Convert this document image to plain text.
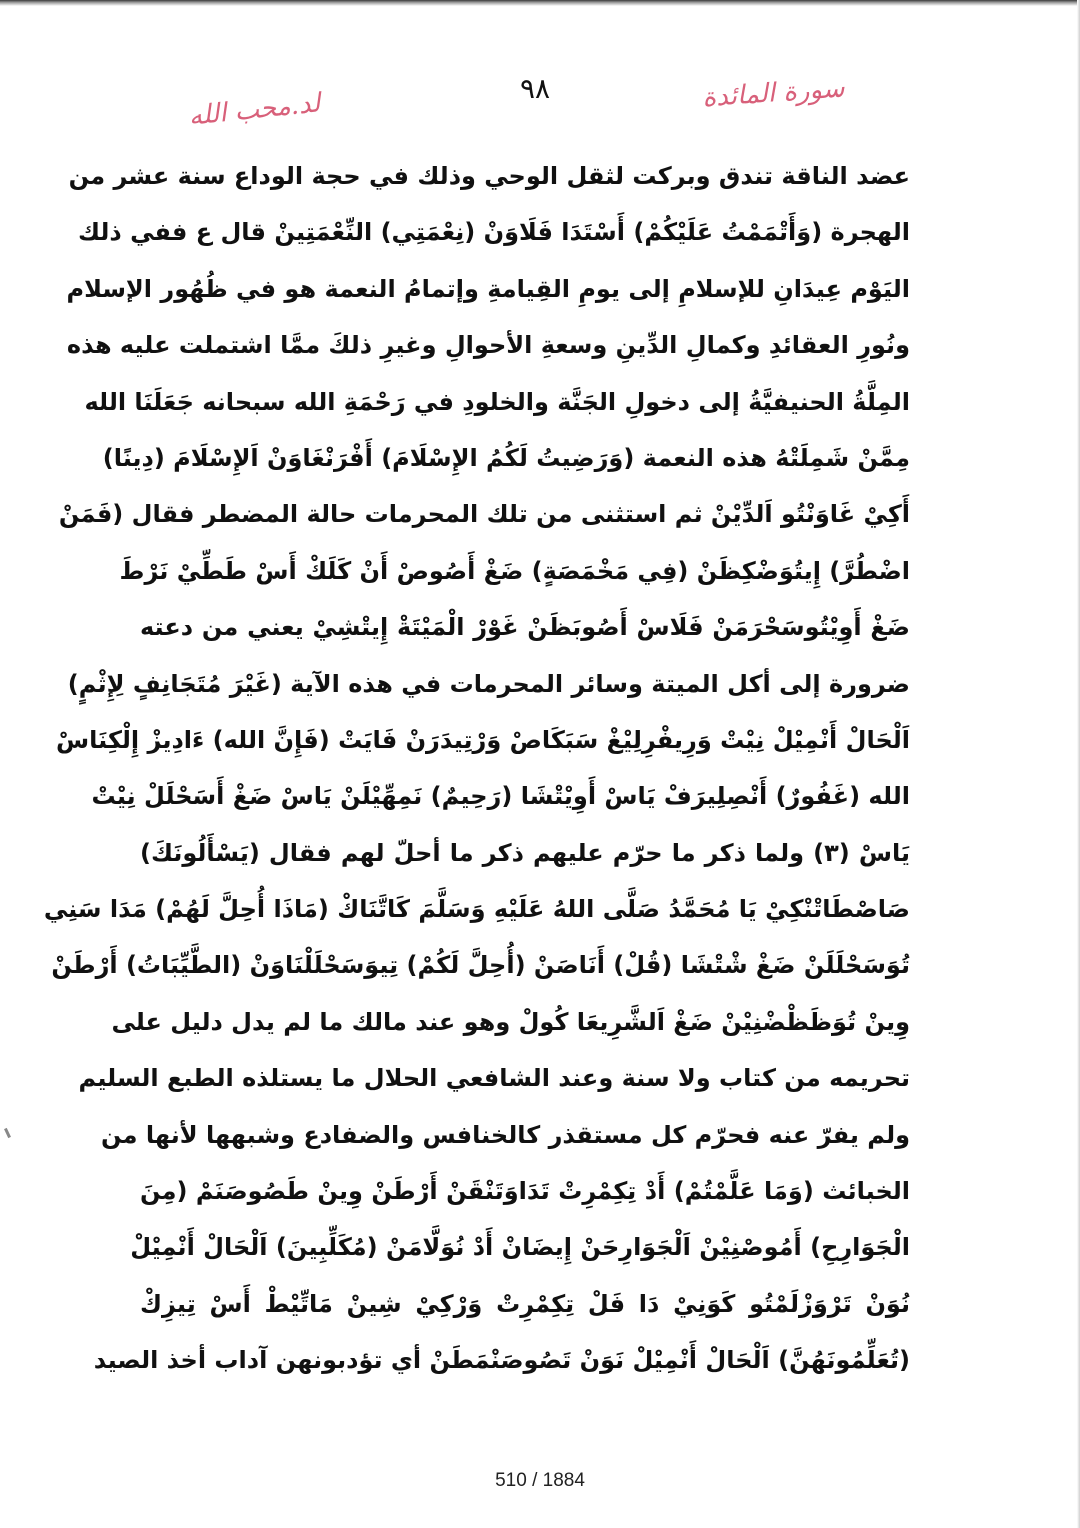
سورة المائدة
٩٨
لد.محب الله
عضد الناقة تندق وبركت لثقل الوحي وذلك في حجة الوداع سنة عشر من
الهجرة (وَأَتْمَمْتُ عَلَيْكُمْ) أَسْتَدَا فَلَاوَنْ (نِعْمَتِي) النِّعْمَتِينْ قال ع ففي ذلك
اليَوْم عِيدَانِ للإسلامِ إلى يومِ القِيامةِ وإتمامُ النعمة هو في ظُهُور الإسلام
ونُورِ العقائدِ وكمالِ الدِّينِ وسعةِ الأحوالِ وغيرِ ذلكَ ممَّا اشتملت عليه هذه
المِلَّةُ الحنيفيَّةُ إلى دخولِ الجَنَّة والخلودِ في رَحْمَةِ الله سبحانه جَعَلَنَا الله
مِمَّنْ شَمِلَتْهُ هذه النعمة (وَرَضِيتُ لَكُمُ الإِسْلَامَ) أَفْرَنْغَاوَنْ اَلإِسْلَامَ (دِينًا)
أَكِيْ غَاوَنْتُو اَلدِّيْنْ ثم استثنى من تلك المحرمات حالة المضطر فقال (فَمَنْ
اضْطُرَّ) إِيتُوَضْكِظَنْ (فِي مَخْمَصَةٍ) ضَغْ أَصُوصْ أَنْ كَلَكْ أَسْ طَطِّيْ نَرْطَ
ضَغْ أَوِيْتُوسَحْرَمَنْ فَلَاسْ أَصُوبَظَنْ غَوْرْ الْمَيْتَةْ إِيتْشِيْ يعني من دعته
ضرورة إلى أكل الميتة وسائر المحرمات في هذه الآية (غَيْرَ مُتَجَانِفٍ لِإِثْمٍ)
اَلْحَالْ أَنْمِيْلْ نِيْتْ وَرِيفْرِلِيْغْ سَبَكَاصْ وَرْتِيدَرَنْ فَايَتْ (فَإِنَّ الله) ءَادِيزْ إِلْكِنَاسْ
الله (غَفُورٌ) أَنْصِلِيرَفْ يَاسْ أَوِيْتْشَا (رَحِيمٌ) نَمِهِّيْلَنْ يَاسْ ضَغْ أَسَحْلَلْ نِيْتْ
يَاسْ (٣) ولما ذكر ما حرّم عليهم ذكر ما أحلّ لهم فقال (يَسْأَلُونَكَ)
صَاصْطَاتْنْكِيْ يَا مُحَمَّدُ صَلَّى اللهُ عَلَيْهِ وَسَلَّمَ كَاتَّنَاكْ (مَاذَا أُحِلَّ لَهُمْ) مَدَا سَنِي
تُوَسَحْلَلَنْ ضَغْ شْتْشَا (قُلْ) أَنَاصَنْ (أُحِلَّ لَكُمْ) تِيوَسَحْلَلْنَاوَنْ (الطَّيِّبَاتُ) أَرْطَنْ
وِينْ تُوَظَظْضْنِيْنْ ضَغْ اَلشَّرِيعَا كُولْ وهو عند مالك ما لم يدل دليل على
تحريمه من كتاب ولا سنة وعند الشافعي الحلال ما يستلذه الطبع السليم
ولم يفرّ عنه فحرّم كل مستقذر كالخنافس والضفادع وشبهها لأنها من
الخبائث (وَمَا عَلَّمْتُمْ) أَدْ تِكِمْرِتْ تَدَاوَتَنْقَنْ أَرْطَنْ وِينْ طَصُوصَنَمْ (مِنَ
الْجَوَارِحِ) أَمُوصْنِيْنْ اَلْجَوَارِحَنْ إِيضَانْ أَدْ نُوَلَّامَنْ (مُكَلِّبِينَ) اَلْحَالْ أَنْمِيْلْ
نُوَنْ تَرْوَزْلَمْتُو كَوَنِيْ دَا فَلْ تِكِمْرِتْ وَرْكِيْ شِينْ مَاتِّيْطْ أَسْ تِيزِكْ
(تُعَلِّمُونَهُنَّ) اَلْحَالْ أَنْمِيْلْ نَوَنْ تَصُوصَنْمَطَنْ أي تؤدبونهن آداب أخذ الصيد
510 / 1884
